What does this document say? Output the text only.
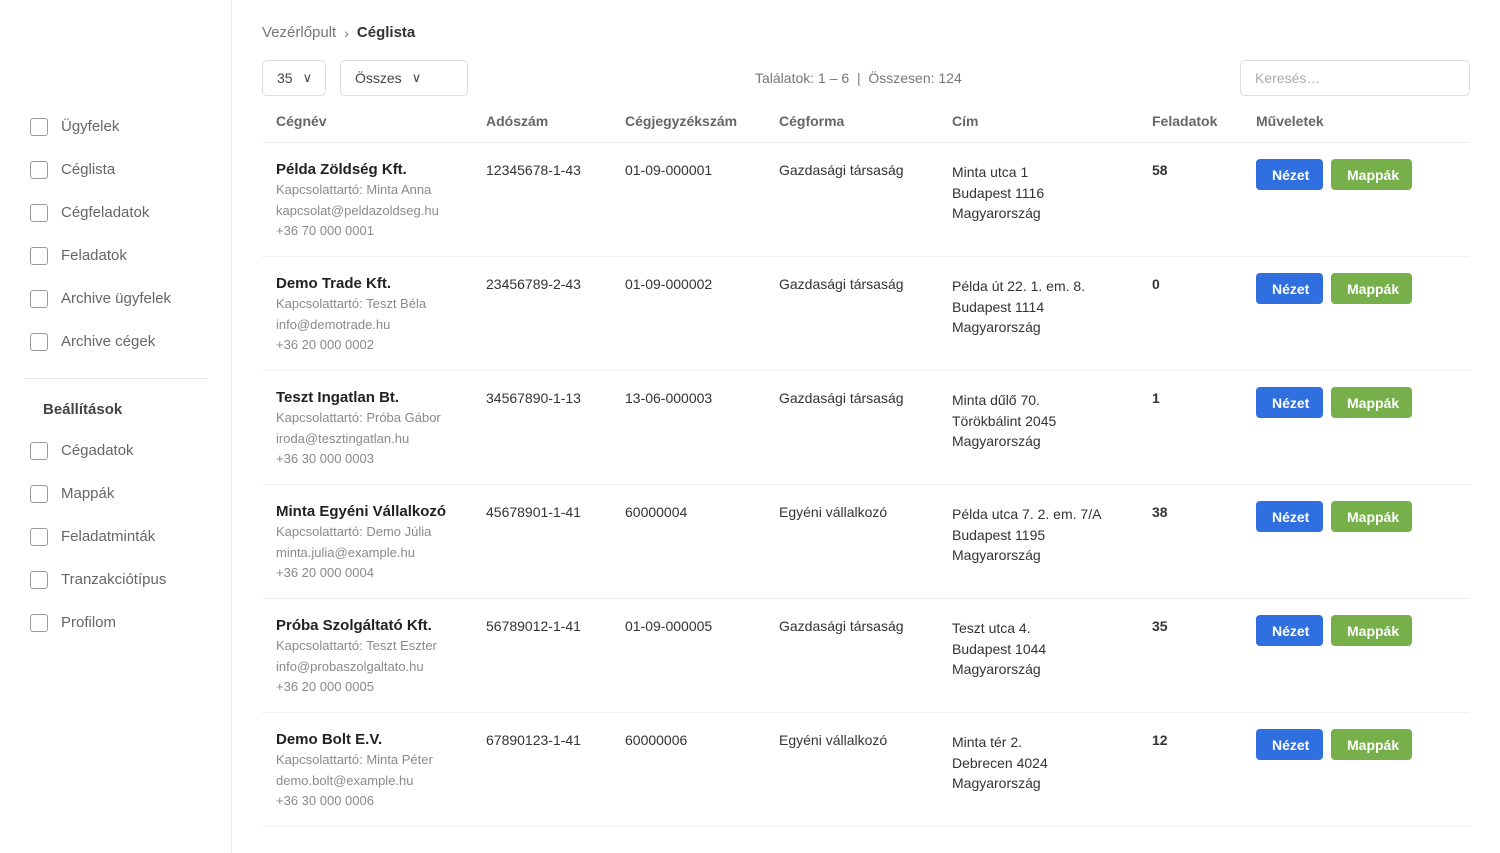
Ügyfelek
Céglista
Cégfeladatok
Feladatok
Archive ügyfelek
Archive cégek
Beállítások
Cégadatok
Mappák
Feladatminták
Tranzakciótípus
Profilom
Vezérlőpult › Céglista
35 ∨	Összes ∨	Találatok: 1 – 6  |  Összesen: 124
Keresés…
Cégnév	Adószám	Cégjegyzékszám	Cégforma	Cím	Feladatok	Műveletek
Példa Zöldség Kft.
Kapcsolattartó: Minta Anna
kapcsolat@peldazoldseg.hu
+36 70 000 0001
12345678-1-43	01-09-000001	Gazdasági társaság	Minta utca 1
Budapest 1116
Magyarország
58	Nézet	Mappák
Demo Trade Kft.
Kapcsolattartó: Teszt Béla
info@demotrade.hu
+36 20 000 0002
23456789-2-43	01-09-000002	Gazdasági társaság	Példa út 22. 1. em. 8.
Budapest 1114
Magyarország
0	Nézet	Mappák
Teszt Ingatlan Bt.
Kapcsolattartó: Próba Gábor
iroda@tesztingatlan.hu
+36 30 000 0003
34567890-1-13	13-06-000003	Gazdasági társaság	Minta dűlő 70.
Törökbálint 2045
Magyarország
1	Nézet	Mappák
Minta Egyéni Vállalkozó
Kapcsolattartó: Demo Júlia
minta.julia@example.hu
+36 20 000 0004
45678901-1-41	60000004	Egyéni vállalkozó	Példa utca 7. 2. em. 7/A
Budapest 1195
Magyarország
38	Nézet	Mappák
Próba Szolgáltató Kft.
Kapcsolattartó: Teszt Eszter
info@probaszolgaltato.hu
+36 20 000 0005
56789012-1-41	01-09-000005	Gazdasági társaság	Teszt utca 4.
Budapest 1044
Magyarország
35	Nézet	Mappák
Demo Bolt E.V.
Kapcsolattartó: Minta Péter
demo.bolt@example.hu
+36 30 000 0006
67890123-1-41	60000006	Egyéni vállalkozó	Minta tér 2.
Debrecen 4024
Magyarország
12	Nézet	Mappák
